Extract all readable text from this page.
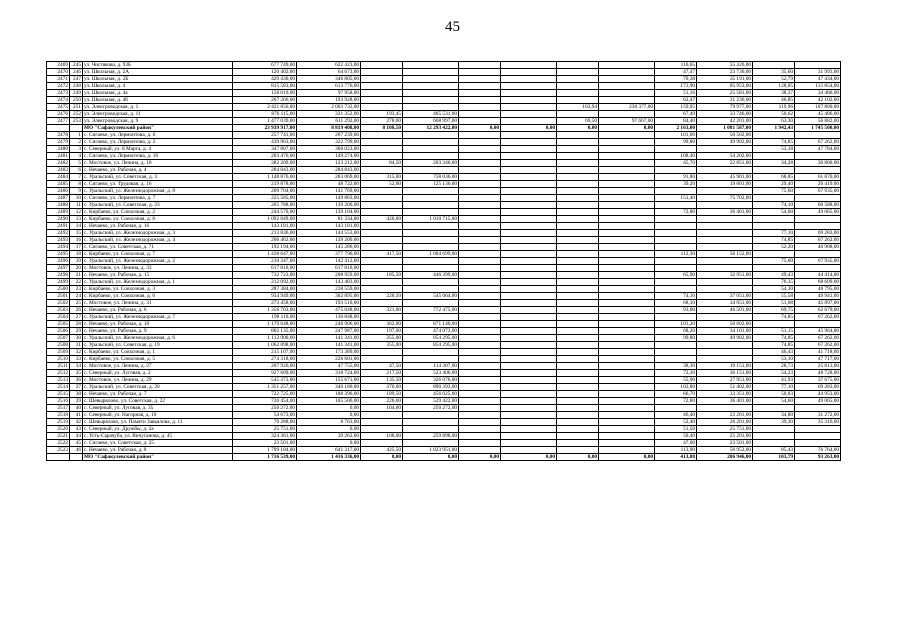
45
2469	245	ул. Чистякова, д. 93Б	677 749,00	622 423,00							110,65	55 326,00		
2470	246	ул. Школьная, д. 2А	120 402,00	64 673,00							47,47	23 736,00	35,60	31 993,00
2471	247	ул. Школьная, д. 2Б	429 430,00	346 805,00							70,38	35 191,00	52,79	47 434,00
2472	248	ул. Школьная, д. 4	815 583,00	613 776,00							171,90	85 953,00	128,05	115 854,00
2473	249	ул. Школьная, д. 4а	158 019,00	97 958,00							51,16	25 581,00	38,37	34 480,00
2474	250	ул. Школьная, д. 4б	267 266,00	193 928,00							62,47	31 236,00	46,85	42 102,00
2475	251	ул. Электроводская, д. 1	2 421 856,00	2 003 732,00					163,94	230 377,00	159,95	79 977,00	119,96	107 800,00
2476	252	ул. Электроводская, д. 11	876 115,00	331 352,00	193,45	465 531,00					67,49	33 746,00	50,62	45 486,00
2477	253	ул. Электроводская, д. 9	1 477 039,00	611 292,00	278,00	668 997,00			69,50	97 667,00	84,40	42 201,00	63,30	56 882,00
		МО "Сафакулевский район"	23 939 917,00	8 819 408,00	8 108,50	12 293 422,00	0,00	0,00	0,00	0,00	2 163,00	1 081 587,00	1 942,43	1 745 500,00
2478	1	с. Сигаево, ул. Лермонтова, д. 6	257 741,00	207 239,00							101,00	50 502,00		
2479	2	с. Сигаево, ул. Лермонтова, д. 2	439 963,00	322 799,00							99,80	49 902,00	74,85	67 262,00
2480	3	с. Северный, ул. 8 Марта, д. 4	347 807,00	300 023,00									53,18	47 784,00
2481	4	с. Сигаево, ул. Лермонтова, д. 16	203 476,00	149 274,00							108,40	54 202,00		
2482	5	с. Мостовое, ул. Ленина, д. 10	382 209,00	123 212,00	84,50	203 346,00					45,70	22 851,00	34,28	30 800,00
2483	6	с. Нечаево, ул. Рабочая, д. 4	284 843,00	284 843,00										
2484	7	с. Уральский, ул. Советская, д. 3	1 148 876,00	283 069,00	315,00	758 036,00					91,80	45 901,00	68,85	61 870,00
2485	8	с. Сигаево, ул. Трудовая, д. 16	219 878,00	48 722,00	52,00	125 136,00					39,20	19 601,00	29,40	26 419,00
2486	9	с. Уральский, ул. Железнодорожная, д. 8	209 704,00	141 769,00									75,60	67 935,00
2487	10	с. Сигаево, ул. Лермонтова, д. 7	225 585,00	149 883,00							151,40	75 702,00		
2488	11	с. Уральский, ул. Советская, д. 23	205 788,00	139 200,00									74,10	66 588,00
2489	12	с. Кирбаево, ул. Совхозная, д. 2	244 570,00	139 104,00							72,80	36 401,00	54,60	49 065,00
2490	13	с. Кирбаево, ул. Совхозная, д. 8	1 092 049,00	81 334,00	420,00	1 010 715,00								
2491	14	с. Нечаево, ул. Рабочая, д. 16	143 181,00	143 181,00										
2492	15	с. Уральский, ул. Железнодорожная, д. 3	213 836,00	144 553,00									77,10	69 283,00
2493	16	с. Уральский, ул. Железнодорожная, д. 4	206 462,00	139 200,00									74,85	67 262,00
2494	17	с. Сигаево, ул. Советская, д. 71	192 194,00	145 286,00									52,20	46 908,00
2495	18	с. Кирбаево, ул. Совхозная, д. 7	1 438 647,00	377 796,00	417,50	1 004 699,00					112,30	56 152,00		
2496	19	с. Уральский, ул. Железнодорожная, д. 2	210 347,00	142 412,00									75,60	67 935,00
2497	20	с. Мостовое, ул. Ленина, д. 33	617 810,00	617 810,00										
2498	21	с. Нечаево, ул. Рабочая, д. 15	732 723,00	208 959,00	185,50	446 399,00					65,90	32 951,00	49,43	44 414,00
2499	22	с. Уральский, ул. Железнодорожная, д. 1	212 092,00	143 483,00									76,35	68 609,00
2500	23	с. Кирбаево, ул. Совхозная, д. 3	287 384,00	238 559,00									54,30	48 795,00
2501	24	с. Кирбаево, ул. Совхозная, д. 6	934 949,00	302 895,00	226,50	545 064,00					74,10	37 051,00	55,58	49 941,00
2502	25	с. Мостовое, ул. Ленина, д. 31	273 458,00	193 510,00							68,10	34 051,00	51,08	45 897,00
2503	26	с. Нечаево, ул. Рабочая, д. 6	1 356 703,00	475 048,00	321,00	772 475,00					93,00	46 501,00	69,75	62 679,00
2504	27	с. Уральский, ул. Железнодорожная, д. 7	198 110,00	130 848,00									74,85	67 262,00
2505	28	с. Нечаево, ул. Рабочая, д. 10	1 170 648,00	248 906,00	362,00	871 140,00					101,20	50 602,00		
2506	29	с. Нечаево, ул. Рабочая, д. 9	802 135,00	247 987,00	197,00	474 073,00					68,20	34 101,00	51,15	45 964,00
2507	30	с. Уральский, ул. Железнодорожная, д. 6	1 112 900,00	141 341,00	355,00	854 295,00					99,80	49 902,00	74,85	67 262,00
2508	31	с. Уральский, ул. Советская, д. 19	1 062 898,00	141 341,00	355,00	854 295,00							74,85	67 262,00
2509	32	с. Кирбаево, ул. Совхозная, д. 1	215 107,00	173 389,00									46,43	41 718,00
2510	33	с. Кирбаево, ул. Совхозная, д. 5	274 318,00	226 601,00									53,10	47 717,00
2511	34	с. Мостовое, ул. Ленина, д. 27	207 926,00	47 755,00	47,50	114 307,00					38,30	19 151,00	28,73	25 813,00
2512	35	с. Северный, ул. Луговая, д. 2	927 609,00	318 724,00	217,50	523 406,00					72,30	36 151,00	54,23	48 728,00
2513	36	с. Мостовое, ул. Ленина, д. 29	545 373,00	155 671,00	135,50	326 076,00					55,90	27 951,00	41,93	37 675,00
2514	37	с. Уральский, ул. Советская, д. 20	1 351 257,00	340 180,00	370,00	890 393,00					102,80	51 402,00	77,10	69 283,00
2515	38	с. Нечаево, ул. Рабочая, д. 7	722 725,00	188 396,00	189,50	456 025,00					66,70	33 351,00	50,03	44 953,00
2516	39	с. Шевырялово, ул. Советская, д. 22	720 454,00	105 506,00	226,00	529 422,00					72,80	36 401,00	54,60	49 065,00
2517	40	с. Северный, ул. Луговая, д. 35	250 272,00	0,00	104,00	250 272,00								
2518	41	с. Северный, ул. Нагорная, д. 10	54 673,00	0,00							46,40	23 201,00	34,80	31 272,00
2519	42	с. Шевырялово, ул. Памяти Завьялова, д. 11	70 288,00	8 763,00							52,40	26 201,00	39,30	35 316,00
2520	43	с. Северный, ул. Дружбы, д. 2а	25 751,00	0,00							51,50	25 751,00		
2521	44	с. Усть-Сарачуба, ул. Вичуганова, д. 45	324 361,00	39 262,00	108,00	259 898,00					50,40	25 201,00		
2522	45	с. Сигаево, ул. Советская, д. 25	23 501,00	0,00							47,00	23 501,00		
2523	46	с. Нечаево, ул. Рабочая, д. 8	1 799 184,00	641 317,00	425,50	1 023 951,00					113,90	56 952,00	85,43	76 764,00
		МО "Сафакулевский район"	1 716 539,00	1 416 336,00	0,00	0,00	0,00	0,00	0,00	0,00	413,88	206 946,00	103,79	93 263,00
